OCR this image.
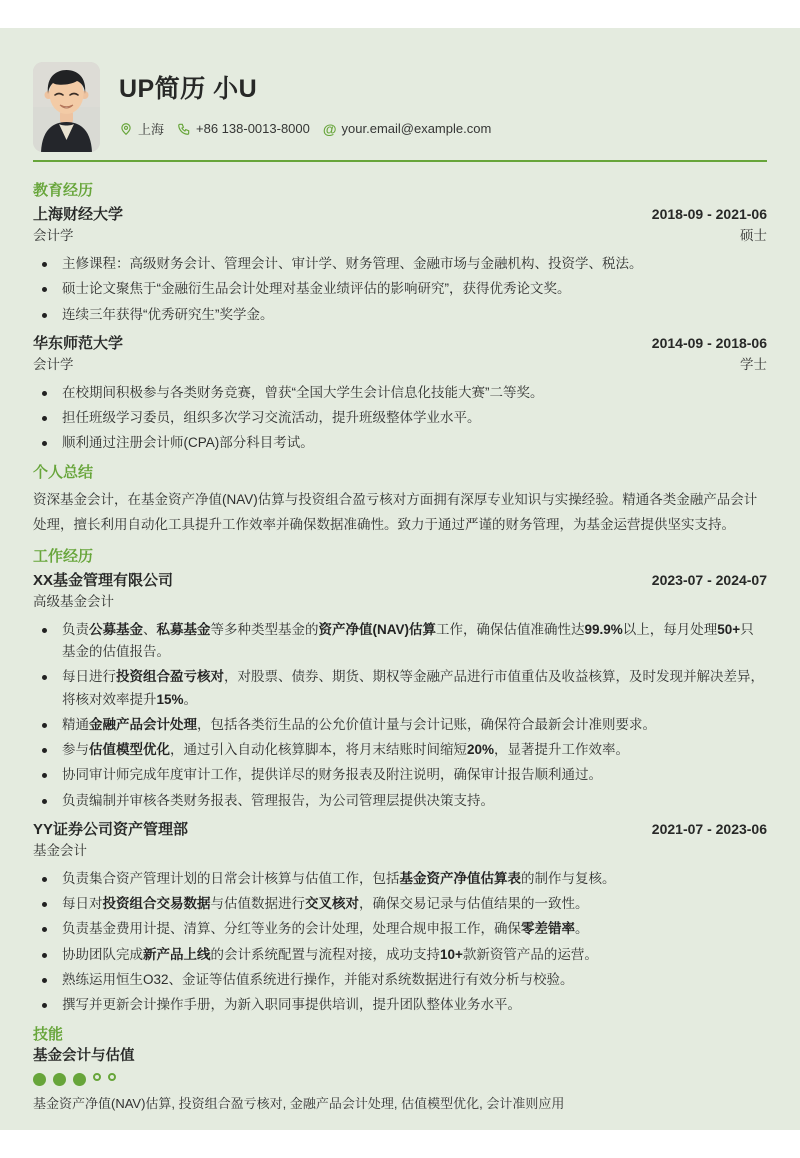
UP简历 小U
上海 +86 138-0013-8000 @ your.email@example.com
教育经历
上海财经大学	2018-09 - 2021-06
会计学	硕士
主修课程：高级财务会计、管理会计、审计学、财务管理、金融市场与金融机构、投资学、税法。
硕士论文聚焦于“金融衍生品会计处理对基金业绩评估的影响研究”，获得优秀论文奖。
连续三年获得“优秀研究生”奖学金。
华东师范大学	2014-09 - 2018-06
会计学	学士
在校期间积极参与各类财务竞赛，曾获“全国大学生会计信息化技能大赛”二等奖。
担任班级学习委员，组织多次学习交流活动，提升班级整体学业水平。
顺利通过注册会计师(CPA)部分科目考试。
个人总结

资深基金会计，在基金资产净值(NAV)估算与投资组合盈亏核对方面拥有深厚专业知识与实操经验。精通各类金融产品会计处理，擅长利用自动化工具提升工作效率并确保数据准确性。致力于通过严谨的财务管理，为基金运营提供坚实支持。

工作经历
XX基金管理有限公司	2023-07 - 2024-07
高级基金会计
负责公募基金、私募基金等多种类型基金的资产净值(NAV)估算工作，确保估值准确性达99.9%以上，每月处理50+只基金的估值报告。
每日进行投资组合盈亏核对，对股票、债券、期货、期权等金融产品进行市值重估及收益核算，及时发现并解决差异，将核对效率提升15%。
精通金融产品会计处理，包括各类衍生品的公允价值计量与会计记账，确保符合最新会计准则要求。
参与估值模型优化，通过引入自动化核算脚本，将月末结账时间缩短20%，显著提升工作效率。
协同审计师完成年度审计工作，提供详尽的财务报表及附注说明，确保审计报告顺利通过。
负责编制并审核各类财务报表、管理报告，为公司管理层提供决策支持。
YY证券公司资产管理部	2021-07 - 2023-06
基金会计
负责集合资产管理计划的日常会计核算与估值工作，包括基金资产净值估算表的制作与复核。
每日对投资组合交易数据与估值数据进行交叉核对，确保交易记录与估值结果的一致性。
负责基金费用计提、清算、分红等业务的会计处理，处理合规申报工作，确保零差错率。
协助团队完成新产品上线的会计系统配置与流程对接，成功支持10+款新资管产品的运营。
熟练运用恒生O32、金证等估值系统进行操作，并能对系统数据进行有效分析与校验。
撰写并更新会计操作手册，为新入职同事提供培训，提升团队整体业务水平。
技能
基金会计与估值
基金资产净值(NAV)估算, 投资组合盈亏核对, 金融产品会计处理, 估值模型优化, 会计准则应用
